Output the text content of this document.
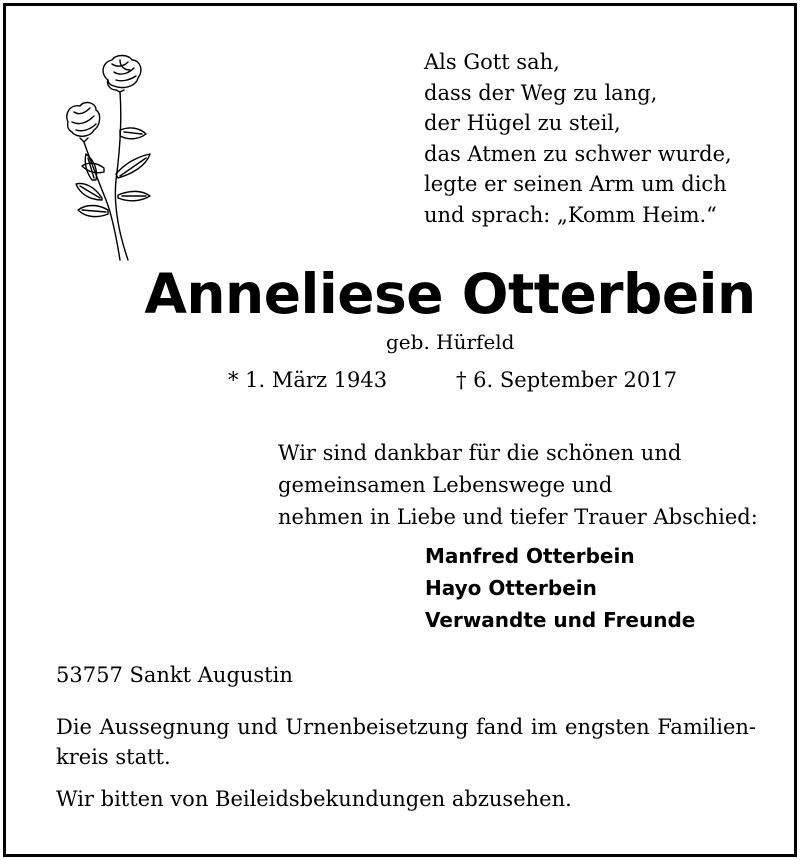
Als Gott sah,
dass der Weg zu lang,
der Hügel zu steil,
das Atmen zu schwer wurde,
legte er seinen Arm um dich
und sprach: „Komm Heim.“
Anneliese Otterbein
geb. Hürfeld
* 1. März 1943	† 6. September 2017
Wir sind dankbar für die schönen und
gemeinsamen Lebenswege und
nehmen in Liebe und tiefer Trauer Abschied:
Manfred Otterbein
Hayo Otterbein
Verwandte und Freunde
53757 Sankt Augustin
Die Aussegnung und Urnenbeisetzung fand im engsten Familien-
kreis statt.
Wir bitten von Beileidsbekundungen abzusehen.
